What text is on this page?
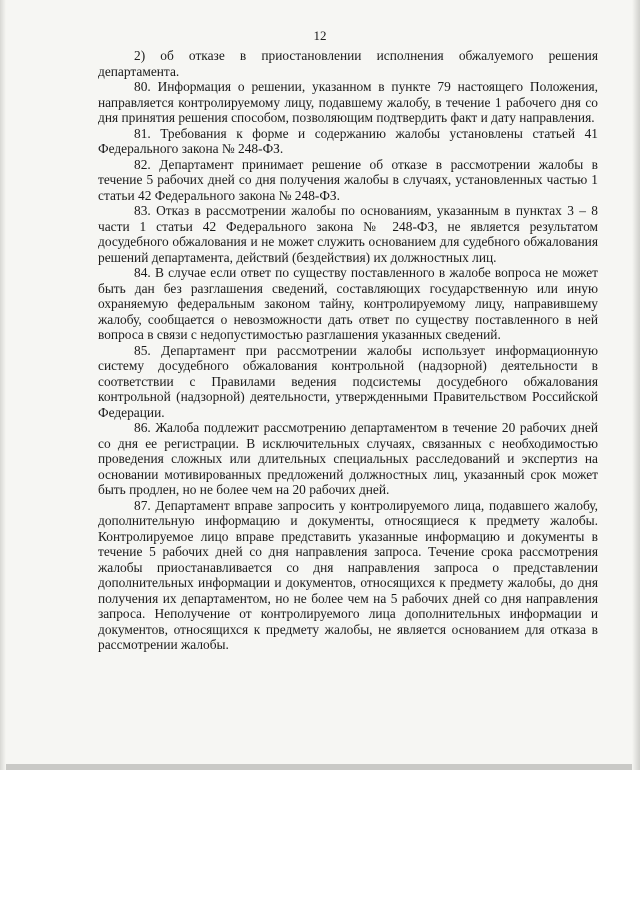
12

2) об отказе в приостановлении исполнения обжалуемого решения департамента.

80. Информация о решении, указанном в пункте 79 настоящего Положения, направляется контролируемому лицу, подавшему жалобу, в течение 1 рабочего дня со дня принятия решения способом, позволяющим подтвердить факт и дату направления.

81. Требования к форме и содержанию жалобы установлены статьей 41 Федерального закона № 248-ФЗ.

82. Департамент принимает решение об отказе в рассмотрении жалобы в течение 5 рабочих дней со дня получения жалобы в случаях, установленных частью 1 статьи 42 Федерального закона № 248-ФЗ.

83. Отказ в рассмотрении жалобы по основаниям, указанным в пунктах 3 – 8 части 1 статьи 42 Федерального закона № 248-ФЗ, не является результатом досудебного обжалования и не может служить основанием для судебного обжалования решений департамента, действий (бездействия) их должностных лиц.

84. В случае если ответ по существу поставленного в жалобе вопроса не может быть дан без разглашения сведений, составляющих государственную или иную охраняемую федеральным законом тайну, контролируемому лицу, направившему жалобу, сообщается о невозможности дать ответ по существу поставленного в ней вопроса в связи с недопустимостью разглашения указанных сведений.

85. Департамент при рассмотрении жалобы использует информационную систему досудебного обжалования контрольной (надзорной) деятельности в соответствии с Правилами ведения подсистемы досудебного обжалования контрольной (надзорной) деятельности, утвержденными Правительством Российской Федерации.

86. Жалоба подлежит рассмотрению департаментом в течение 20 рабочих дней со дня ее регистрации. В исключительных случаях, связанных с необходимостью проведения сложных или длительных специальных расследований и экспертиз на основании мотивированных предложений должностных лиц, указанный срок может быть продлен, но не более чем на 20 рабочих дней.

87. Департамент вправе запросить у контролируемого лица, подавшего жалобу, дополнительную информацию и документы, относящиеся к предмету жалобы. Контролируемое лицо вправе представить указанные информацию и документы в течение 5 рабочих дней со дня направления запроса. Течение срока рассмотрения жалобы приостанавливается со дня направления запроса о представлении дополнительных информации и документов, относящихся к предмету жалобы, до дня получения их департаментом, но не более чем на 5 рабочих дней со дня направления запроса. Неполучение от контролируемого лица дополнительных информации и документов, относящихся к предмету жалобы, не является основанием для отказа в рассмотрении жалобы.
